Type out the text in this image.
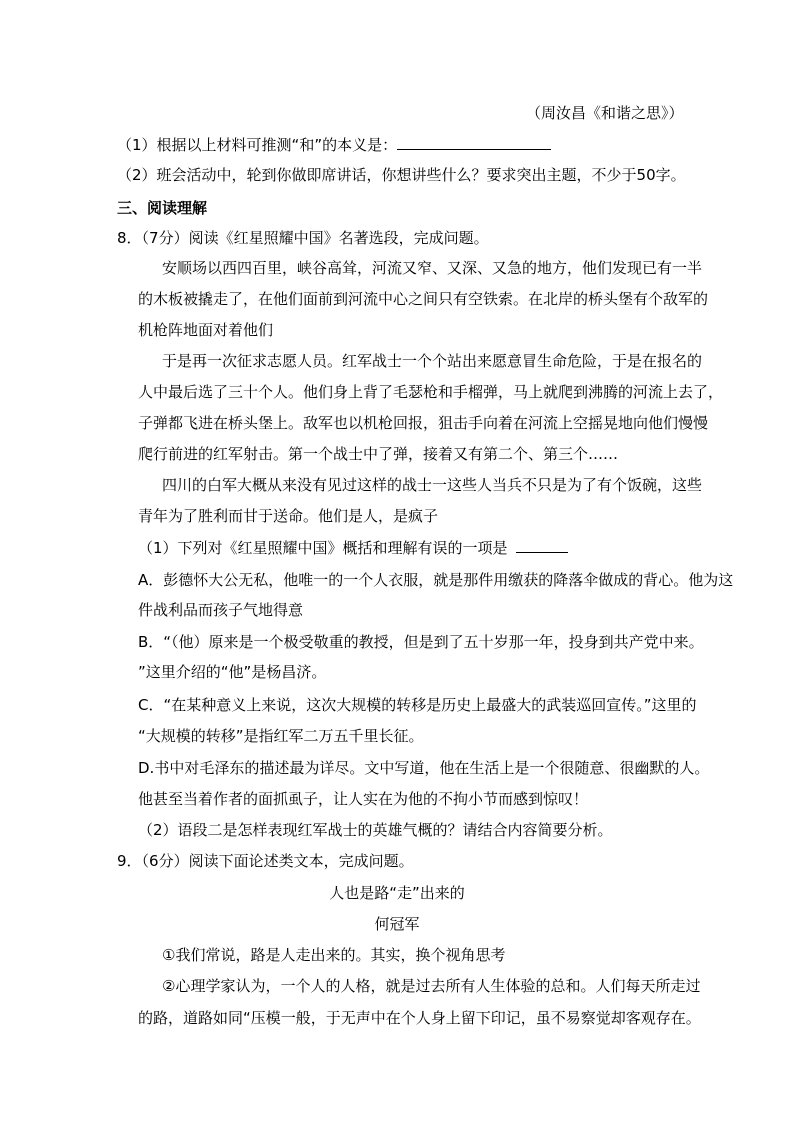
（周汝昌《和谐之思》）
（1）根据以上材料可推测“和”的本义是：
（2）班会活动中，轮到你做即席讲话，你想讲些什么？要求突出主题，不少于50字。
三、阅读理解
8．（7分）阅读《红星照耀中国》名著选段，完成问题。
安顺场以西四百里，峡谷高耸，河流又窄、又深、又急的地方，他们发现已有一半
的木板被撬走了，在他们面前到河流中心之间只有空铁索。在北岸的桥头堡有个敌军的
机枪阵地面对着他们
于是再一次征求志愿人员。红军战士一个个站出来愿意冒生命危险，于是在报名的
人中最后选了三十个人。他们身上背了毛瑟枪和手榴弹，马上就爬到沸腾的河流上去了，
子弹都飞进在桥头堡上。敌军也以机枪回报，狙击手向着在河流上空摇晃地向他们慢慢
爬行前进的红军射击。第一个战士中了弹，接着又有第二个、第三个……
四川的白军大概从来没有见过这样的战士一这些人当兵不只是为了有个饭碗，这些
青年为了胜利而甘于送命。他们是人，是疯子
（1）下列对《红星照耀中国》概括和理解有误的一项是
A．彭德怀大公无私，他唯一的一个人衣服，就是那件用缴获的降落伞做成的背心。他为这
件战利品而孩子气地得意
B．“（他）原来是一个极受敬重的教授，但是到了五十岁那一年，投身到共产党中来。
”这里介绍的“他”是杨昌济。
C．“在某种意义上来说，这次大规模的转移是历史上最盛大的武装巡回宣传。”这里的
“大规模的转移”是指红军二万五千里长征。
D.书中对毛泽东的描述最为详尽。文中写道，他在生活上是一个很随意、很幽默的人。
他甚至当着作者的面抓虱子，让人实在为他的不拘小节而感到惊叹！
（2）语段二是怎样表现红军战士的英雄气概的？请结合内容简要分析。
9．（6分）阅读下面论述类文本，完成问题。
人也是路“走”出来的
何冠军
①我们常说，路是人走出来的。其实，换个视角思考
②心理学家认为，一个人的人格，就是过去所有人生体验的总和。人们每天所走过
的路，道路如同“压模一般，于无声中在个人身上留下印记，虽不易察觉却客观存在。
